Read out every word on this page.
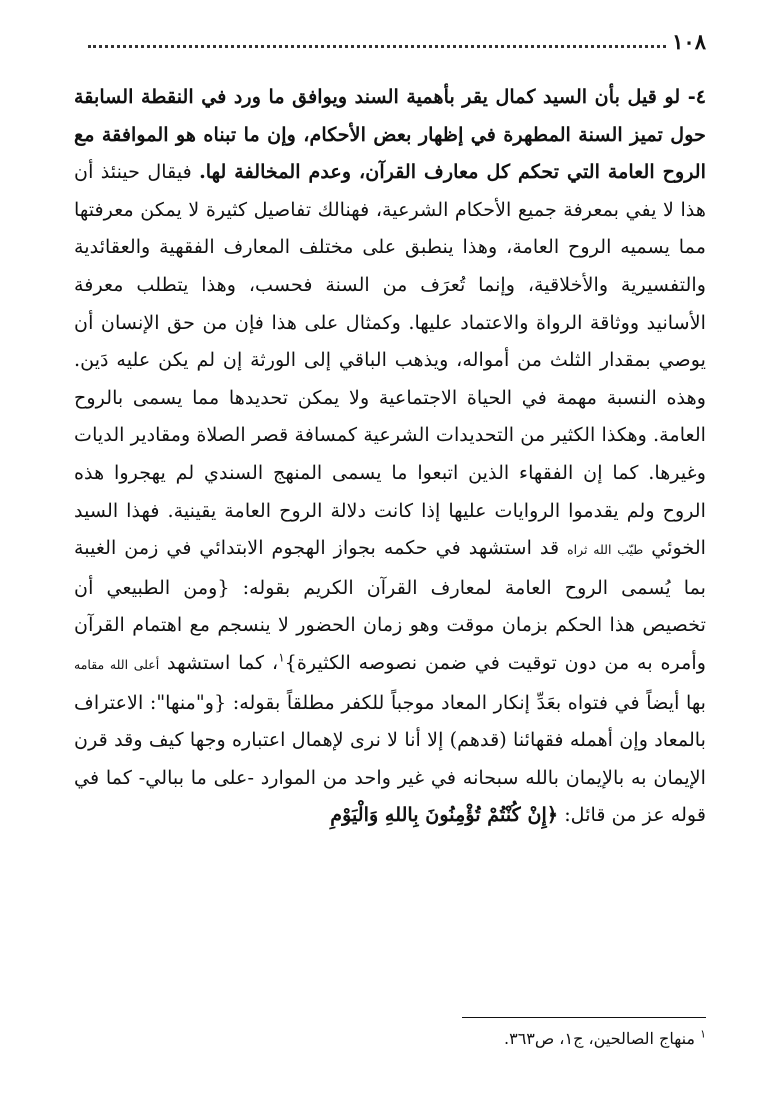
١٠٨

٤- لو قيل بأن السيد كمال يقر بأهمية السند ويوافق ما ورد في النقطة السابقة حول تميز السنة المطهرة في إظهار بعض الأحكام، وإن ما تبناه هو الموافقة مع الروح العامة التي تحكم كل معارف القرآن، وعدم المخالفة لها. فيقال حينئذ أن هذا لا يفي بمعرفة جميع الأحكام الشرعية، فهنالك تفاصيل كثيرة لا يمكن معرفتها مما يسميه الروح العامة، وهذا ينطبق على مختلف المعارف الفقهية والعقائدية والتفسيرية والأخلاقية، وإنما تُعرَف من السنة فحسب، وهذا يتطلب معرفة الأسانيد ووثاقة الرواة والاعتماد عليها. وكمثال على هذا فإن من حق الإنسان أن يوصي بمقدار الثلث من أمواله، ويذهب الباقي إلى الورثة إن لم يكن عليه دَين. وهذه النسبة مهمة في الحياة الاجتماعية ولا يمكن تحديدها مما يسمى بالروح العامة. وهكذا الكثير من التحديدات الشرعية كمسافة قصر الصلاة ومقادير الديات وغيرها. كما إن الفقهاء الذين اتبعوا ما يسمى المنهج السندي لم يهجروا هذه الروح ولم يقدموا الروايات عليها إذا كانت دلالة الروح العامة يقينية. فهذا السيد الخوئي طيّب الله ثراه قد استشهد في حكمه بجواز الهجوم الابتدائي في زمن الغيبة بما يُسمى الروح العامة لمعارف القرآن الكريم بقوله: {ومن الطبيعي أن تخصيص هذا الحكم بزمان موقت وهو زمان الحضور لا ينسجم مع اهتمام القرآن وأمره به من دون توقيت في ضمن نصوصه الكثيرة}$^١$، كما استشهد أعلى الله مقامه بها أيضاً في فتواه بعَدِّ إنكار المعاد موجباً للكفر مطلقاً بقوله: {و"منها": الاعتراف بالمعاد وإن أهمله فقهائنا (قدهم) إلا أنا لا نرى لإهمال اعتباره وجها كيف وقد قرن الإيمان به بالإيمان بالله سبحانه في غير واحد من الموارد -على ما ببالي- كما في قوله عز من قائل: ﴿إِنْ كُنْتُمْ تُؤْمِنُونَ بِاللهِ وَالْيَوْمِ

$^١$ منهاج الصالحين، ج١، ص٣٦٣.
